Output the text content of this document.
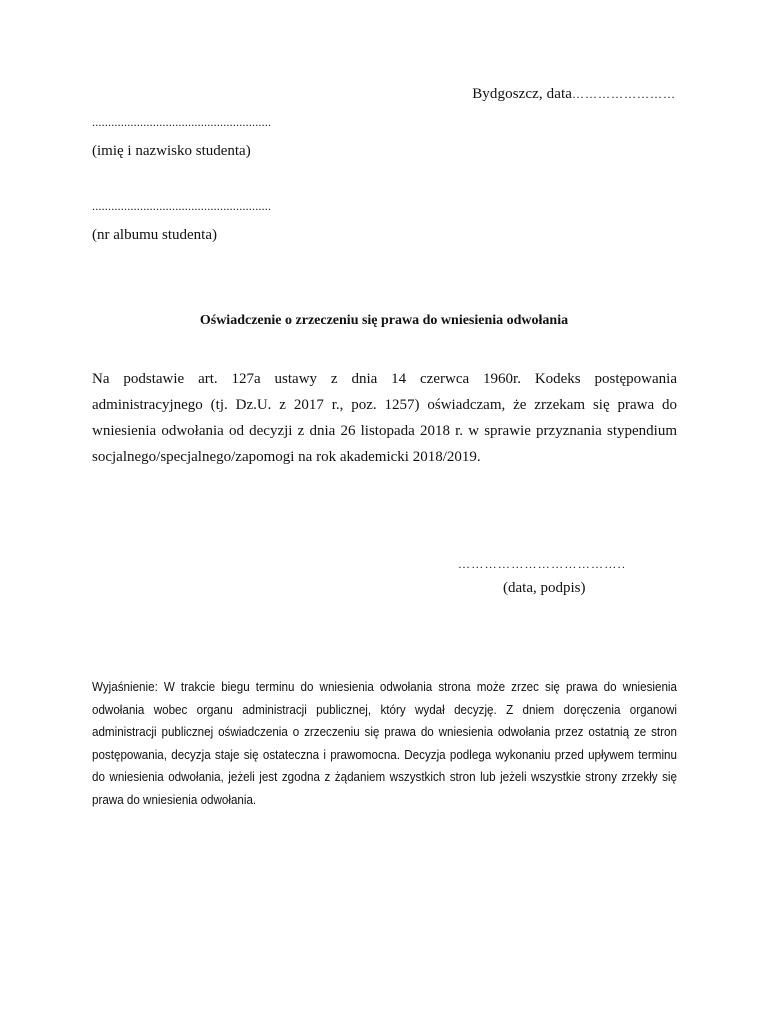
Bydgoszcz, data……………………
........................................................
(imię i nazwisko studenta)
........................................................
(nr albumu studenta)
Oświadczenie o zrzeczeniu się prawa do wniesienia odwołania
Na podstawie art. 127a ustawy z dnia 14 czerwca 1960r. Kodeks postępowania administracyjnego (tj. Dz.U. z 2017 r., poz. 1257) oświadczam, że zrzekam się prawa do wniesienia odwołania od decyzji z dnia 26 listopada 2018 r. w sprawie przyznania stypendium socjalnego/specjalnego/zapomogi na rok akademicki 2018/2019.
………………………………..
(data, podpis)
Wyjaśnienie: W trakcie biegu terminu do wniesienia odwołania strona może zrzec się prawa do wniesienia odwołania wobec organu administracji publicznej, który wydał decyzję. Z dniem doręczenia organowi administracji publicznej oświadczenia o zrzeczeniu się prawa do wniesienia odwołania przez ostatnią ze stron postępowania, decyzja staje się ostateczna i prawomocna. Decyzja podlega wykonaniu przed upływem terminu do wniesienia odwołania, jeżeli jest zgodna z żądaniem wszystkich stron lub jeżeli wszystkie strony zrzekły się prawa do wniesienia odwołania.
